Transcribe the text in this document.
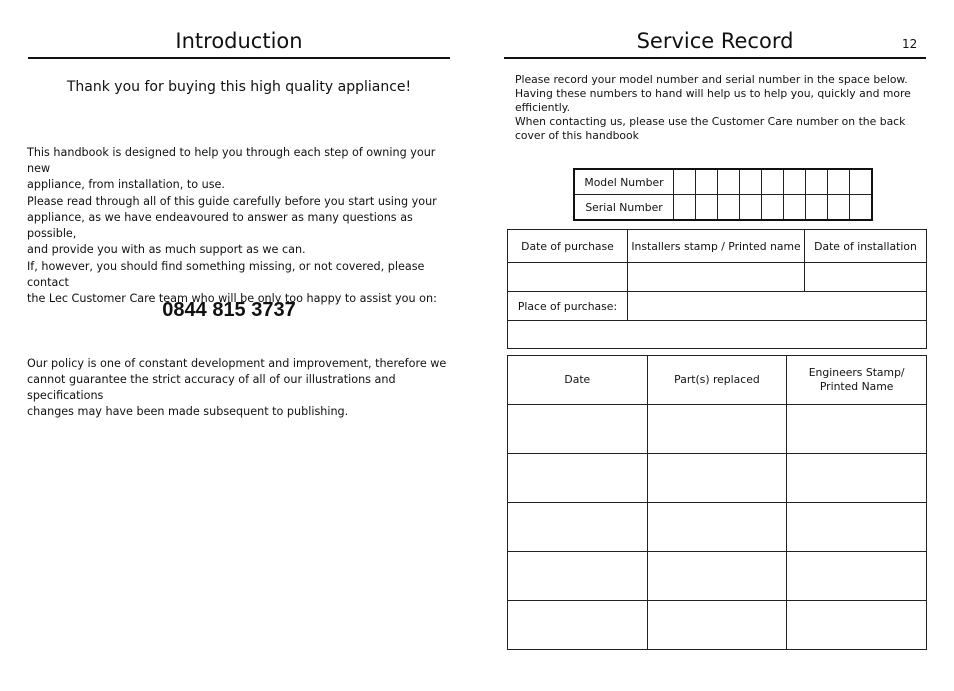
Introduction
Thank you for buying this high quality appliance!

This handbook is designed to help you through each step of owning your new
appliance, from installation, to use.

Please read through all of this guide carefully before you start using your
appliance, as we have endeavoured to answer as many questions as possible,
and provide you with as much support as we can.

If, however, you should find something missing, or not covered, please contact
the Lec Customer Care team who will be only too happy to assist you on:

0844 815 3737

Our policy is one of constant development and improvement, therefore we
cannot guarantee the strict accuracy of all of our illustrations and specifications
changes may have been made subsequent to publishing.

Service Record	12

Please record your model number and serial number in the space below.
Having these numbers to hand will help us to help you, quickly and more
efficiently.
When contacting us, please use the Customer Care number on the back
cover of this handbook

Model Number									
Serial Number									
Date of purchase	Installers stamp / Printed name	Date of installation

Place of purchase:		

Date	Part(s) replaced	Engineers Stamp/
Printed Name
